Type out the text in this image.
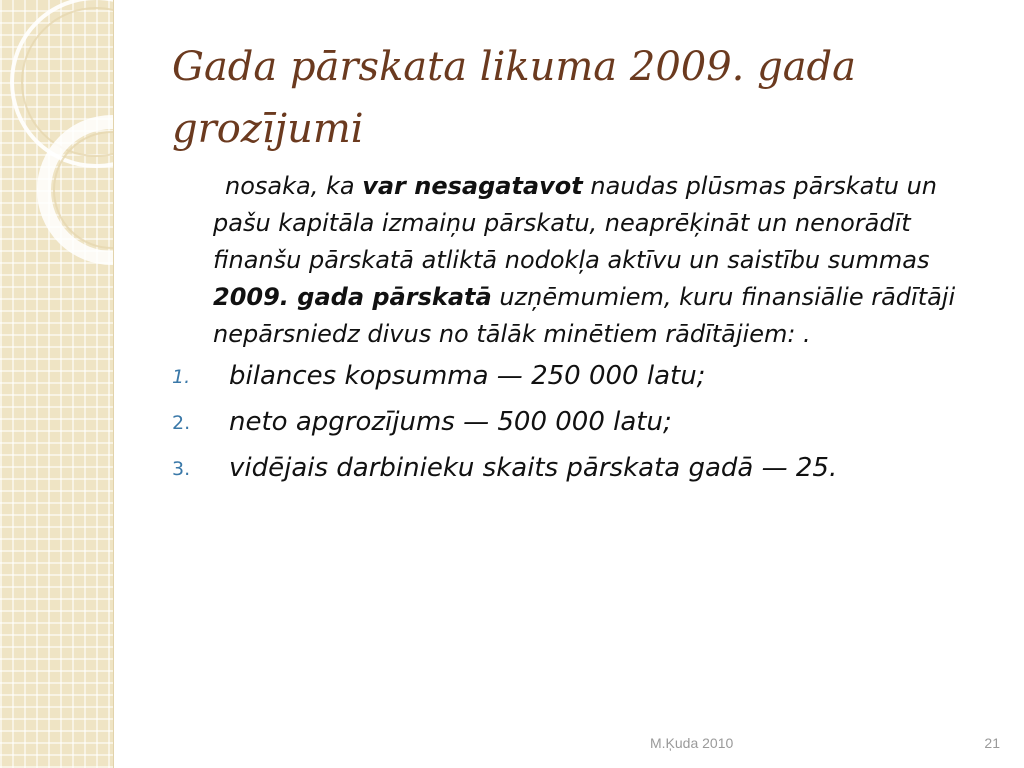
Gada pārskata likuma 2009. gada grozījumi

nosaka, ka var nesagatavot naudas plūsmas pārskatu un pašu kapitāla izmaiņu pārskatu, neaprēķināt un nenorādīt finanšu pārskatā atliktā nodokļa aktīvu un saistību summas 2009. gada pārskatā uzņēmumiem, kuru finansiālie rādītāji nepārsniedz divus no tālāk minētiem rādītājiem: .

1. bilances kopsumma — 250 000 latu;
2. neto apgrozījums — 500 000 latu;
3. vidējais darbinieku skaits pārskata gadā — 25.
M.Ķuda 2010	21
